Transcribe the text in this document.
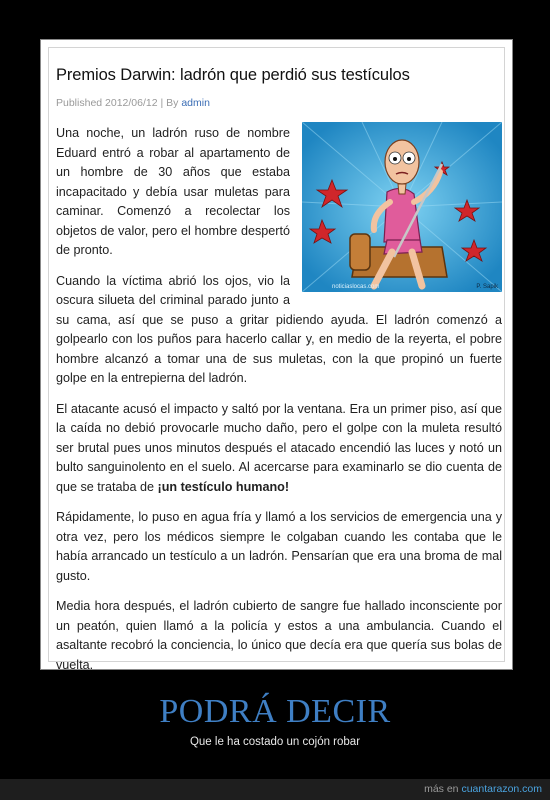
Premios Darwin: ladrón que perdió sus testículos
Published 2012/06/12 | By admin
noticiaslocas.com	P. Sapik

Una noche, un ladrón ruso de nombre Eduard entró a robar al apartamento de un hombre de 30 años que estaba incapacitado y debía usar muletas para caminar. Comenzó a recolectar los objetos de valor, pero el hombre despertó de pronto.

Cuando la víctima abrió los ojos, vio la oscura silueta del criminal parado junto a su cama, así que se puso a gritar pidiendo ayuda. El ladrón comenzó a golpearlo con los puños para hacerlo callar y, en medio de la reyerta, el pobre hombre alcanzó a tomar una de sus muletas, con la que propinó un fuerte golpe en la entrepierna del ladrón.

El atacante acusó el impacto y saltó por la ventana. Era un primer piso, así que la caída no debió provocarle mucho daño, pero el golpe con la muleta resultó ser brutal pues unos minutos después el atacado encendió las luces y notó un bulto sanguinolento en el suelo. Al acercarse para examinarlo se dio cuenta de que se trataba de ¡un testículo humano!

Rápidamente, lo puso en agua fría y llamó a los servicios de emergencia una y otra vez, pero los médicos siempre le colgaban cuando les contaba que le había arrancado un testículo a un ladrón. Pensarían que era una broma de mal gusto.

Media hora después, el ladrón cubierto de sangre fue hallado inconsciente por un peatón, quien llamó a la policía y estos a una ambulancia. Cuando el asaltante recobró la conciencia, lo único que decía era que quería sus bolas de vuelta.

PODRÁ DECIR
Que le ha costado un cojón robar
más en cuantarazon.com
